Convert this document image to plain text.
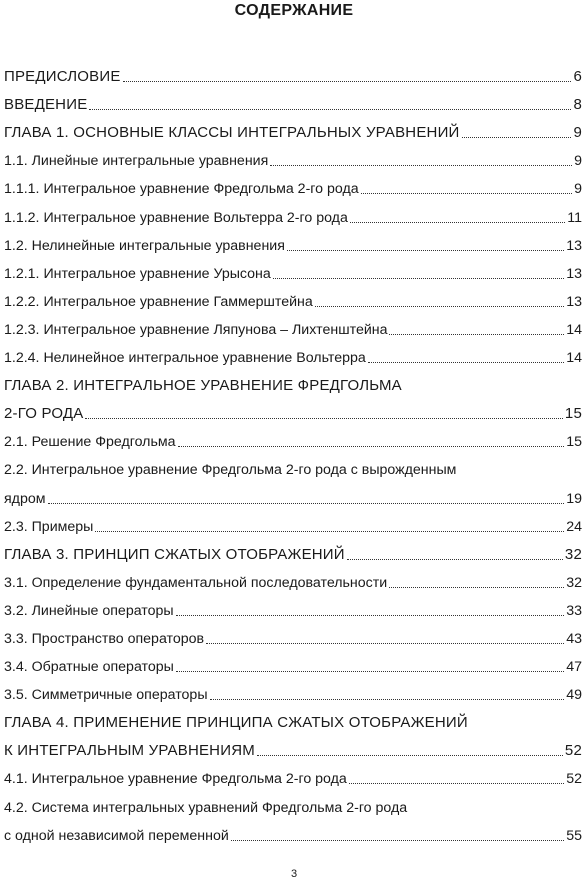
СОДЕРЖАНИЕ
ПРЕДИСЛОВИЕ	6
ВВЕДЕНИЕ	8
ГЛАВА 1. ОСНОВНЫЕ КЛАССЫ ИНТЕГРАЛЬНЫХ УРАВНЕНИЙ	9
1.1. Линейные интегральные уравнения	9
1.1.1. Интегральное уравнение Фредгольма 2-го рода	9
1.1.2. Интегральное уравнение Вольтерра 2-го рода	11
1.2. Нелинейные интегральные уравнения	13
1.2.1. Интегральное уравнение Урысона	13
1.2.2. Интегральное уравнение Гаммерштейна	13
1.2.3. Интегральное уравнение Ляпунова – Лихтенштейна	14
1.2.4. Нелинейное интегральное уравнение Вольтерра	14
ГЛАВА 2. ИНТЕГРАЛЬНОЕ УРАВНЕНИЕ ФРЕДГОЛЬМА
2-ГО РОДА	15
2.1. Решение Фредгольма	15
2.2. Интегральное уравнение Фредгольма 2-го рода с вырожденным
ядром	19
2.3. Примеры	24
ГЛАВА 3. ПРИНЦИП СЖАТЫХ ОТОБРАЖЕНИЙ	32
3.1. Определение фундаментальной последовательности	32
3.2. Линейные операторы	33
3.3. Пространство операторов	43
3.4. Обратные операторы	47
3.5. Симметричные операторы	49
ГЛАВА 4. ПРИМЕНЕНИЕ ПРИНЦИПА СЖАТЫХ ОТОБРАЖЕНИЙ
К ИНТЕГРАЛЬНЫМ УРАВНЕНИЯМ	52
4.1. Интегральное уравнение Фредгольма 2-го рода	52
4.2. Система интегральных уравнений Фредгольма 2-го рода
с одной независимой переменной	55
3
